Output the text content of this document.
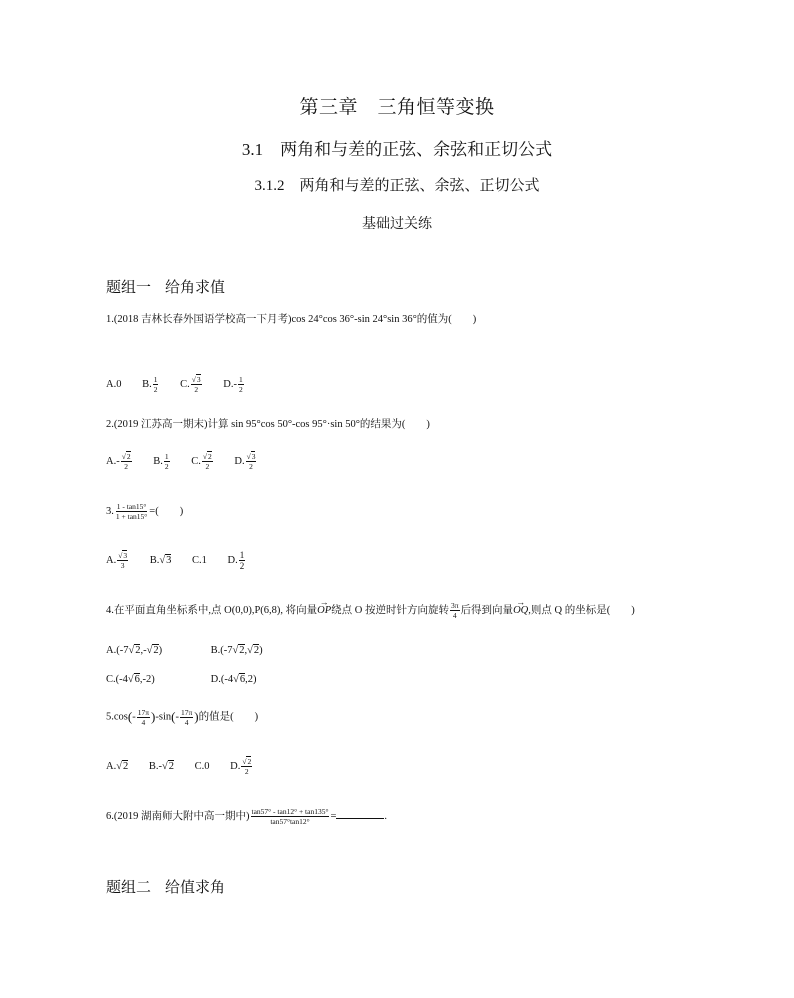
第三章　三角恒等变换
3.1　两角和与差的正弦、余弦和正切公式
3.1.2　两角和与差的正弦、余弦、正切公式
基础过关练
题组一 给角求值
1.(2018 吉林长春外国语学校高一下月考)cos 24°cos 36°-sin 24°sin 36°的值为(　　)
A.0 B. $\frac{1}{2} C$. $\frac{√3}{2} D.- \frac{1}{2}$
2.(2019 江苏高一期末)计算 sin 95°cos 50°-cos 95°·sin 50°的结果为(　　)
$A.- \frac{√2}{2} B$. $\frac{1}{2} C$. $\frac{√2}{2} D$. $\frac{√3}{2}$
3. $\frac{1 - \tan 15^\circ}{1 + \tan 15^\circ}$ =(　　)
A. $\frac{√3}{3} B.√3$ C.1 D. $\frac{1}{2}$
4.在平面直角坐标系中,点 O(0,0),P(6,8), 将向量→ OP绕点 O 按逆时针方向旋转 $\frac{3\pi}{4}$ 后得到向量→ OQ,则点 Q 的坐标是(　　)
A.(-7√2,-√2)	B.(-7√2,√2)
C.(-4√6,-2)	D.(-4√6,2)
$5.\cos(- \frac{17\pi}{4} )-\sin(- \frac{17\pi}{4}$ )的值是(　　)
A.√2 B.-√2 C.0 D. $\frac{√2}{2}$
6.(2019 湖南师大附中高一期中) $\frac{\tan 57^\circ - \tan 12^\circ + \tan 135^\circ}{\tan 57^\circ\tan 12^\circ}$ =	.
题组二 给值求角
